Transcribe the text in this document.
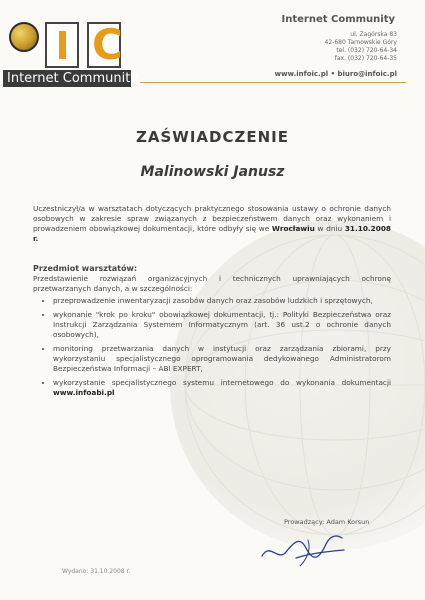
C
Internet Community
Internet Community
ul. Zagórska 83
42-680 Tarnowskie Góry
tel. (032) 720-64-34
fax. (032) 720-64-35
www.infoic.pl • biuro@infoic.pl
ZAŚWIADCZENIE
Malinowski Janusz
Uczestniczył/a w warsztatach dotyczących praktycznego stosowania ustawy o ochronie danych osobowych w zakresie spraw związanych z bezpieczeństwem danych oraz wykonaniem i prowadzeniem obowiązkowej dokumentacji, które odbyły się we Wrocławiu w dniu 31.10.2008 r.
Przedmiot warsztatów:
Przedstawienie rozwiązań organizacyjnych i technicznych uprawniających ochronę przetwarzanych danych, a w szczególności:
• przeprowadzenie inwentaryzacji zasobów danych oraz zasobów ludzkich i sprzętowych,
• wykonanie "krok po kroku" obowiązkowej dokumentacji, tj.: Polityki Bezpieczeństwa oraz Instrukcji Zarządzania Systemem Informatycznym (art. 36 ust.2 o ochronie danych osobowych),
• monitoring przetwarzania danych w instytucji oraz zarządzania zbiorami, przy wykorzystaniu specjalistycznego oprogramowania dedykowanego Administratorom Bezpieczeństwa Informacji – ABI EXPERT,
• wykorzystanie specjalistycznego systemu internetowego do wykonania dokumentacji www.infoabi.pl
Prowadzący: Adam Korsun
Wydano: 31.10.2008 r.
